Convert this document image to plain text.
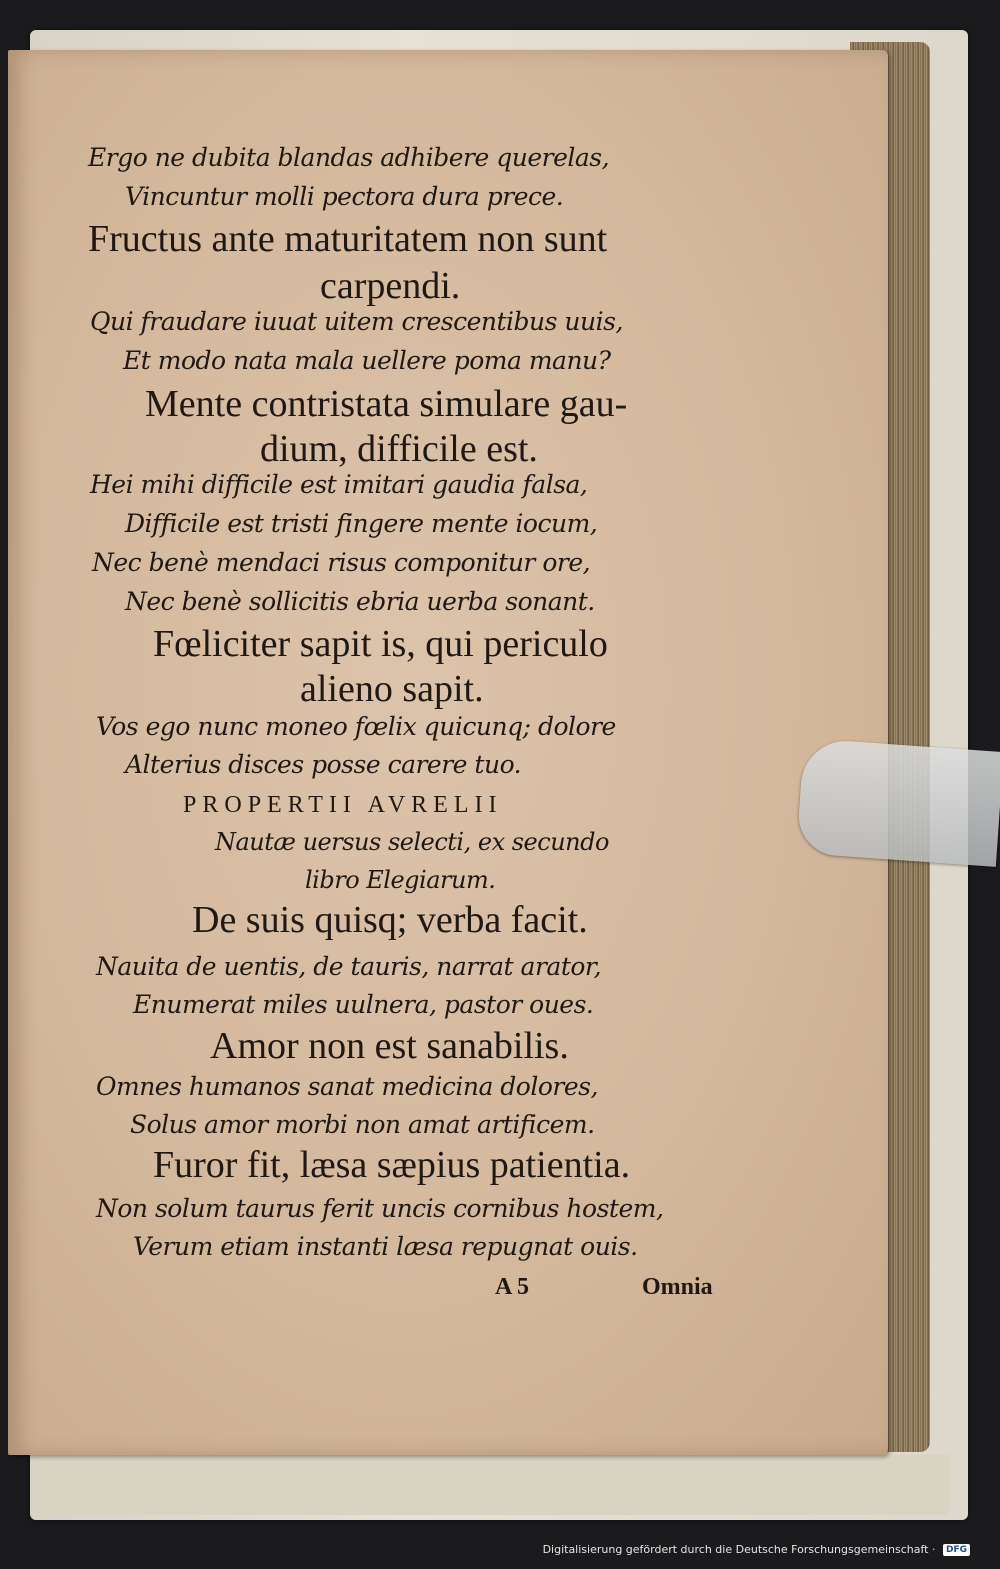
Ergo ne dubita blandas adhibere querelas,
Vincuntur molli pectora dura prece.
Fructus ante maturitatem non sunt
carpendi.
Qui fraudare iuuat uitem crescentibus uuis,
Et modo nata mala uellere poma manu?
Mente contristata simulare gau-
dium, difficile est.
Hei mihi difficile est imitari gaudia falsa,
Difficile est tristi fingere mente iocum,
Nec benè mendaci risus componitur ore,
Nec benè sollicitis ebria uerba sonant.
Fœliciter sapit is, qui periculo
alieno sapit.
Vos ego nunc moneo fœlix quicunq; dolore
Alterius disces posse carere tuo.
PROPERTII AVRELII
Nautæ uersus selecti, ex secundo
libro Elegiarum.
De suis quisq; verba facit.
Nauita de uentis, de tauris, narrat arator,
Enumerat miles uulnera, pastor oues.
Amor non est sanabilis.
Omnes humanos sanat medicina dolores,
Solus amor morbi non amat artificem.
Furor fit, læsa sæpius patientia.
Non solum taurus ferit uncis cornibus hostem,
Verum etiam instanti læsa repugnat ouis.
A 5	Omnia
Digitalisierung gefördert durch die Deutsche Forschungsgemeinschaft · DFG
